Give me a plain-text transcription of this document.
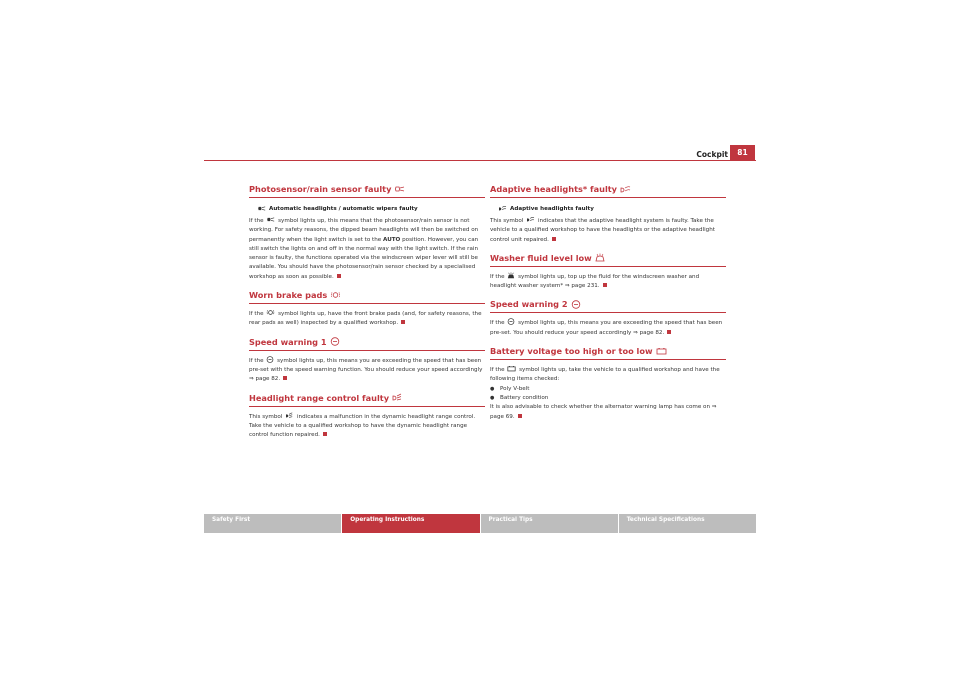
Cockpit	81
Photosensor/rain sensor faulty
Automatic headlights / automatic wipers faulty

If the	symbol lights up, this means that the photosensor/rain sensor is not working. For safety reasons, the dipped beam headlights will then be switched on permanently when the light switch is set to the AUTO position. However, you can still switch the lights on and off in the normal way with the light switch. If the rain sensor is faulty, the functions operated via the windscreen wiper lever will still be available. You should have the photosensor/rain sensor checked by a specialised workshop as soon as possible.

Worn brake pads

If the	symbol lights up, have the front brake pads (and, for safety reasons, the rear pads as well) inspected by a qualified workshop.

Speed warning 1

If the symbol lights up, this means you are exceeding the speed that has been pre-set with the speed warning function. You should reduce your speed accordingly ⇒ page 82.

Headlight range control faulty

This symbol	indicates a malfunction in the dynamic headlight range control. Take the vehicle to a qualified workshop to have the dynamic headlight range control function repaired.

Adaptive headlights* faulty
Adaptive headlights faulty

This symbol	indicates that the adaptive headlight system is faulty. Take the vehicle to a qualified workshop to have the headlights or the adaptive headlight control unit repaired.

Washer fluid level low

If the symbol lights up, top up the fluid for the windscreen washer and headlight washer system* ⇒ page 231.

Speed warning 2

If the symbol lights up, this means you are exceeding the speed that has been pre-set. You should reduce your speed accordingly ⇒ page 82.

Battery voltage too high or too low

If the	symbol lights up, take the vehicle to a qualified workshop and have the following items checked:

● Poly V-belt
● Battery condition

It is also advisable to check whether the alternator warning lamp has come on ⇒ page 69.

Safety First	Operating Instructions	Practical Tips	Technical Specifications
